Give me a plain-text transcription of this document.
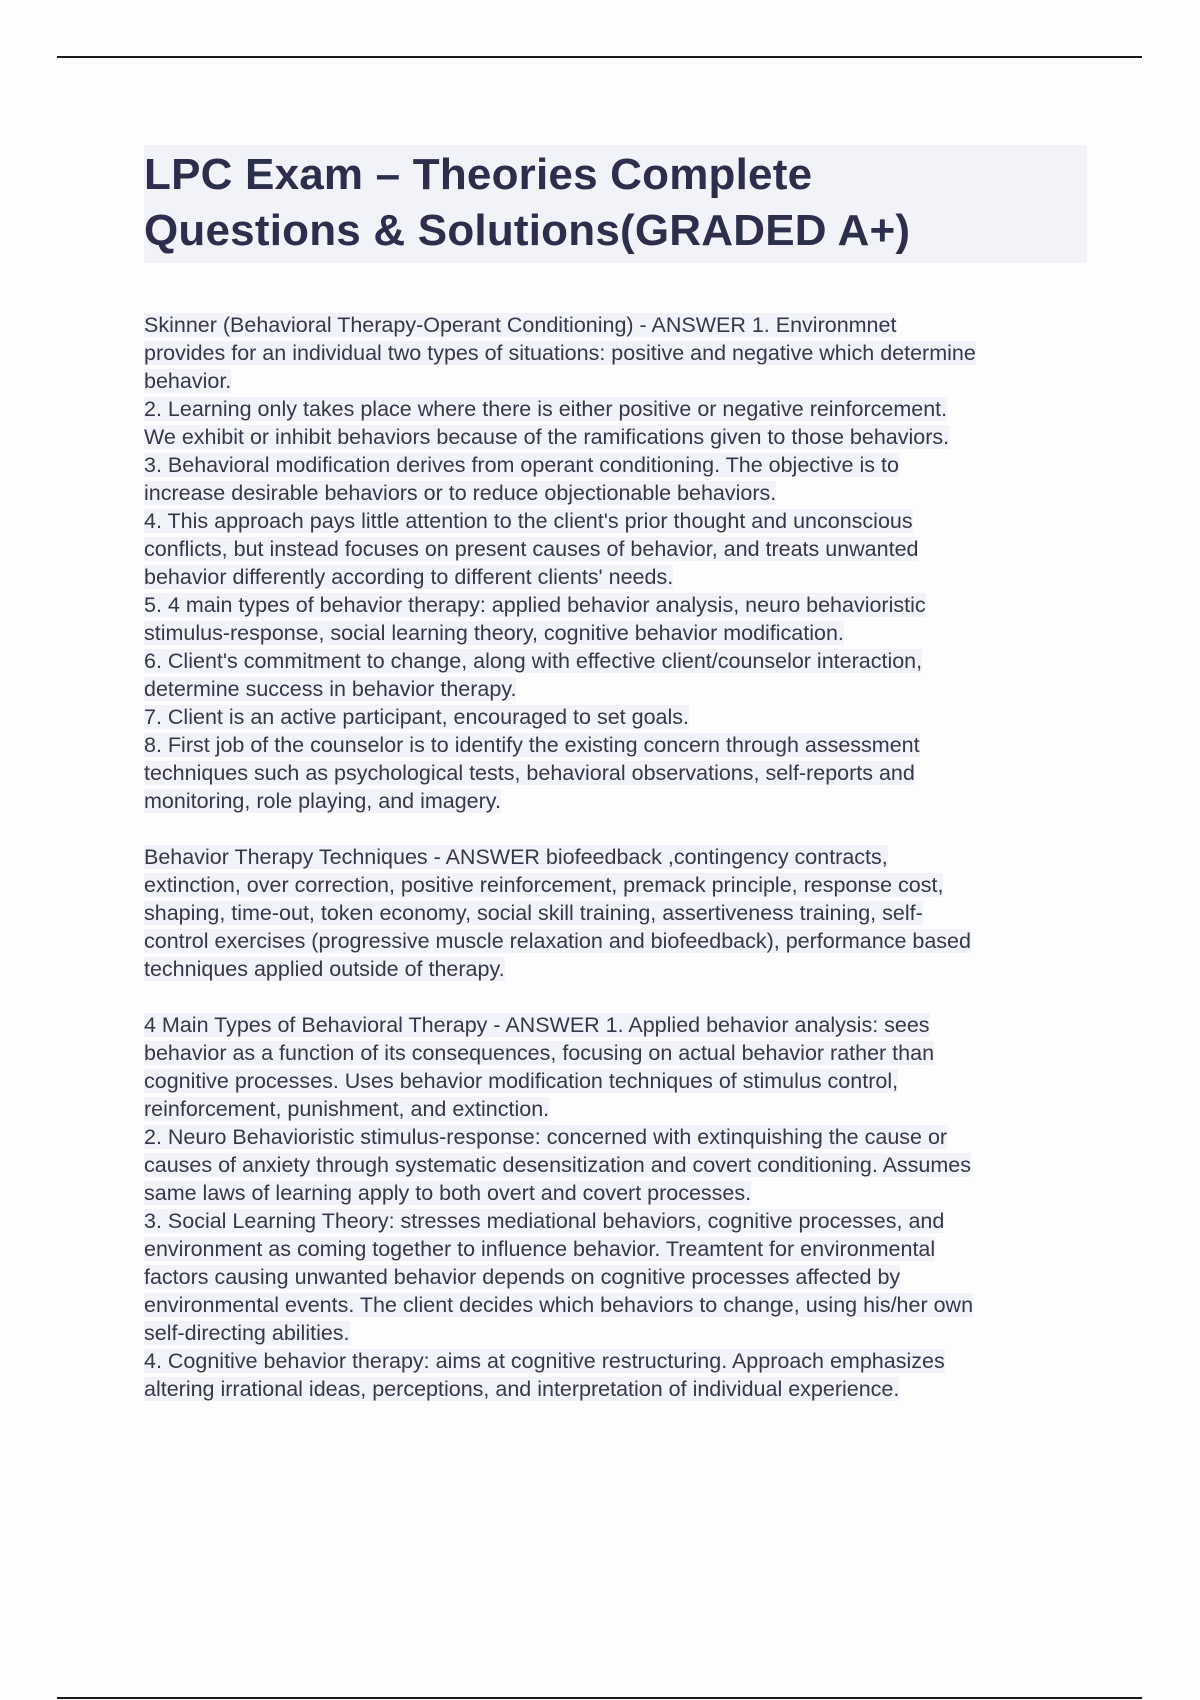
LPC Exam – Theories Complete
Questions & Solutions(GRADED A+)
Skinner (Behavioral Therapy-Operant Conditioning) - ANSWER 1. Environmnet
provides for an individual two types of situations: positive and negative which determine
behavior.
2. Learning only takes place where there is either positive or negative reinforcement.
We exhibit or inhibit behaviors because of the ramifications given to those behaviors.
3. Behavioral modification derives from operant conditioning. The objective is to
increase desirable behaviors or to reduce objectionable behaviors.
4. This approach pays little attention to the client's prior thought and unconscious
conflicts, but instead focuses on present causes of behavior, and treats unwanted
behavior differently according to different clients' needs.
5. 4 main types of behavior therapy: applied behavior analysis, neuro behavioristic
stimulus-response, social learning theory, cognitive behavior modification.
6. Client's commitment to change, along with effective client/counselor interaction,
determine success in behavior therapy.
7. Client is an active participant, encouraged to set goals.
8. First job of the counselor is to identify the existing concern through assessment
techniques such as psychological tests, behavioral observations, self-reports and
monitoring, role playing, and imagery.
Behavior Therapy Techniques - ANSWER biofeedback ,contingency contracts,
extinction, over correction, positive reinforcement, premack principle, response cost,
shaping, time-out, token economy, social skill training, assertiveness training, self-
control exercises (progressive muscle relaxation and biofeedback), performance based
techniques applied outside of therapy.
4 Main Types of Behavioral Therapy - ANSWER 1. Applied behavior analysis: sees
behavior as a function of its consequences, focusing on actual behavior rather than
cognitive processes. Uses behavior modification techniques of stimulus control,
reinforcement, punishment, and extinction.
2. Neuro Behavioristic stimulus-response: concerned with extinquishing the cause or
causes of anxiety through systematic desensitization and covert conditioning. Assumes
same laws of learning apply to both overt and covert processes.
3. Social Learning Theory: stresses mediational behaviors, cognitive processes, and
environment as coming together to influence behavior. Treamtent for environmental
factors causing unwanted behavior depends on cognitive processes affected by
environmental events. The client decides which behaviors to change, using his/her own
self-directing abilities.
4. Cognitive behavior therapy: aims at cognitive restructuring. Approach emphasizes
altering irrational ideas, perceptions, and interpretation of individual experience.
